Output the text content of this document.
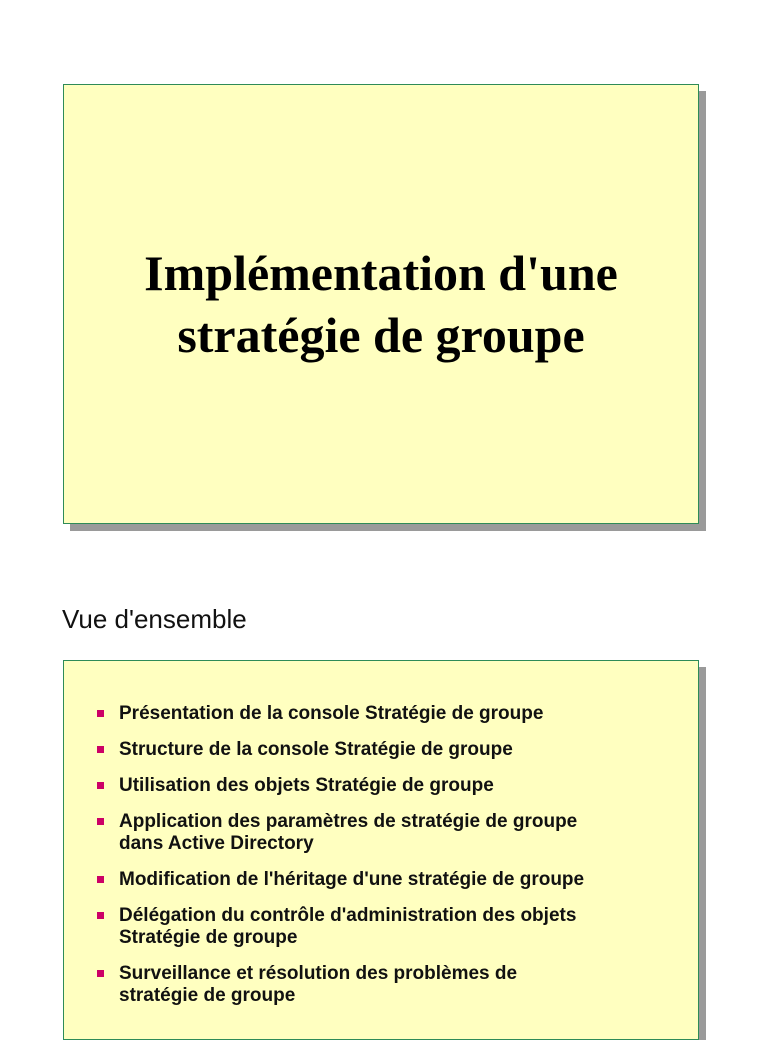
Implémentation d'une
stratégie de groupe
Vue d'ensemble
Présentation de la console Stratégie de groupe
Structure de la console Stratégie de groupe
Utilisation des objets Stratégie de groupe
Application des paramètres de stratégie de groupe
dans Active Directory
Modification de l'héritage d'une stratégie de groupe
Délégation du contrôle d'administration des objets
Stratégie de groupe
Surveillance et résolution des problèmes de
stratégie de groupe
